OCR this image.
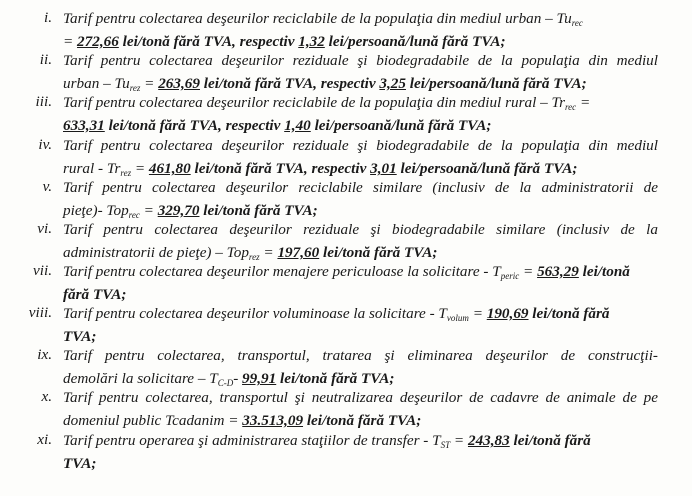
i. Tarif pentru colectarea deşeurilor reciclabile de la populaţia din mediul urban – $Tu_{rec}$
= 272,66 lei/tonă fără TVA, respectiv 1,32 lei/persoană/lună fără TVA;
ii. Tarif pentru colectarea deşeurilor reziduale şi biodegradabile de la populaţia din mediul
urban – $Tu_{rez} = 263,69$ lei/tonă fără TVA, respectiv 3,25 lei/persoană/lună fără TVA;
iii. Tarif pentru colectarea deşeurilor reciclabile de la populaţia din mediul rural – $Tr_{rec}$ =
633,31 lei/tonă fără TVA, respectiv 1,40 lei/persoană/lună fără TVA;
iv. Tarif pentru colectarea deşeurilor reziduale şi biodegradabile de la populaţia din mediul
rural - $Tr_{rez} = 461,80$ lei/tonă fără TVA, respectiv 3,01 lei/persoană/lună fără TVA;
v. Tarif pentru colectarea deşeurilor reciclabile similare (inclusiv de la administratorii de
pieţe)- Top$_{rec}$ = 329,70 lei/tonă fără TVA;
vi. Tarif pentru colectarea deşeurilor reziduale şi biodegradabile similare (inclusiv de la
administratorii de pieţe) – Top$_{rez}$ = 197,60 lei/tonă fără TVA;
vii. Tarif pentru colectarea deşeurilor menajere periculoase la solicitare - $T_{peric} = 563,29$ lei/tonă
fără TVA;
viii. Tarif pentru colectarea deşeurilor voluminoase la solicitare - $T_{volum} = 190,69$ lei/tonă fără
TVA;
ix. Tarif pentru colectarea, transportul, tratarea şi eliminarea deşeurilor de construcţii-
demolări la solicitare – $T_{C-D}-$ 99,91 lei/tonă fără TVA;
x. Tarif pentru colectarea, transportul şi neutralizarea deşeurilor de cadavre de animale de pe
domeniul public Tcadanim = 33.513,09 lei/tonă fără TVA;
xi. Tarif pentru operarea şi administrarea staţiilor de transfer - $T_{ST} = 243,83$ lei/tonă fără
TVA;
